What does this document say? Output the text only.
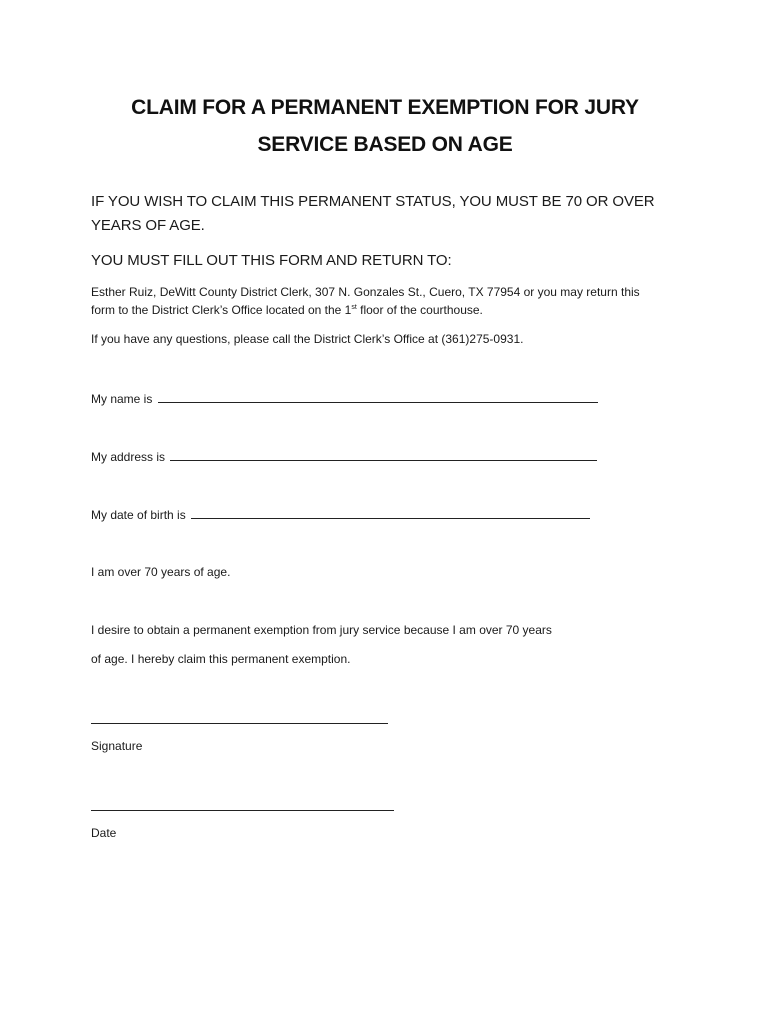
CLAIM FOR A PERMANENT EXEMPTION FOR JURY
SERVICE BASED ON AGE
IF YOU WISH TO CLAIM THIS PERMANENT STATUS, YOU MUST BE 70 OR OVER
YEARS OF AGE.
YOU MUST FILL OUT THIS FORM AND RETURN TO:
Esther Ruiz, DeWitt County District Clerk, 307 N. Gonzales St., Cuero, TX 77954 or you may return this
form to the District Clerk’s Office located on the 1st floor of the courthouse.
If you have any questions, please call the District Clerk’s Office at (361)275-0931.
My name is
My address is
My date of birth is
I am over 70 years of age.
I desire to obtain a permanent exemption from jury service because I am over 70 years
of age. I hereby claim this permanent exemption.
Signature
Date
